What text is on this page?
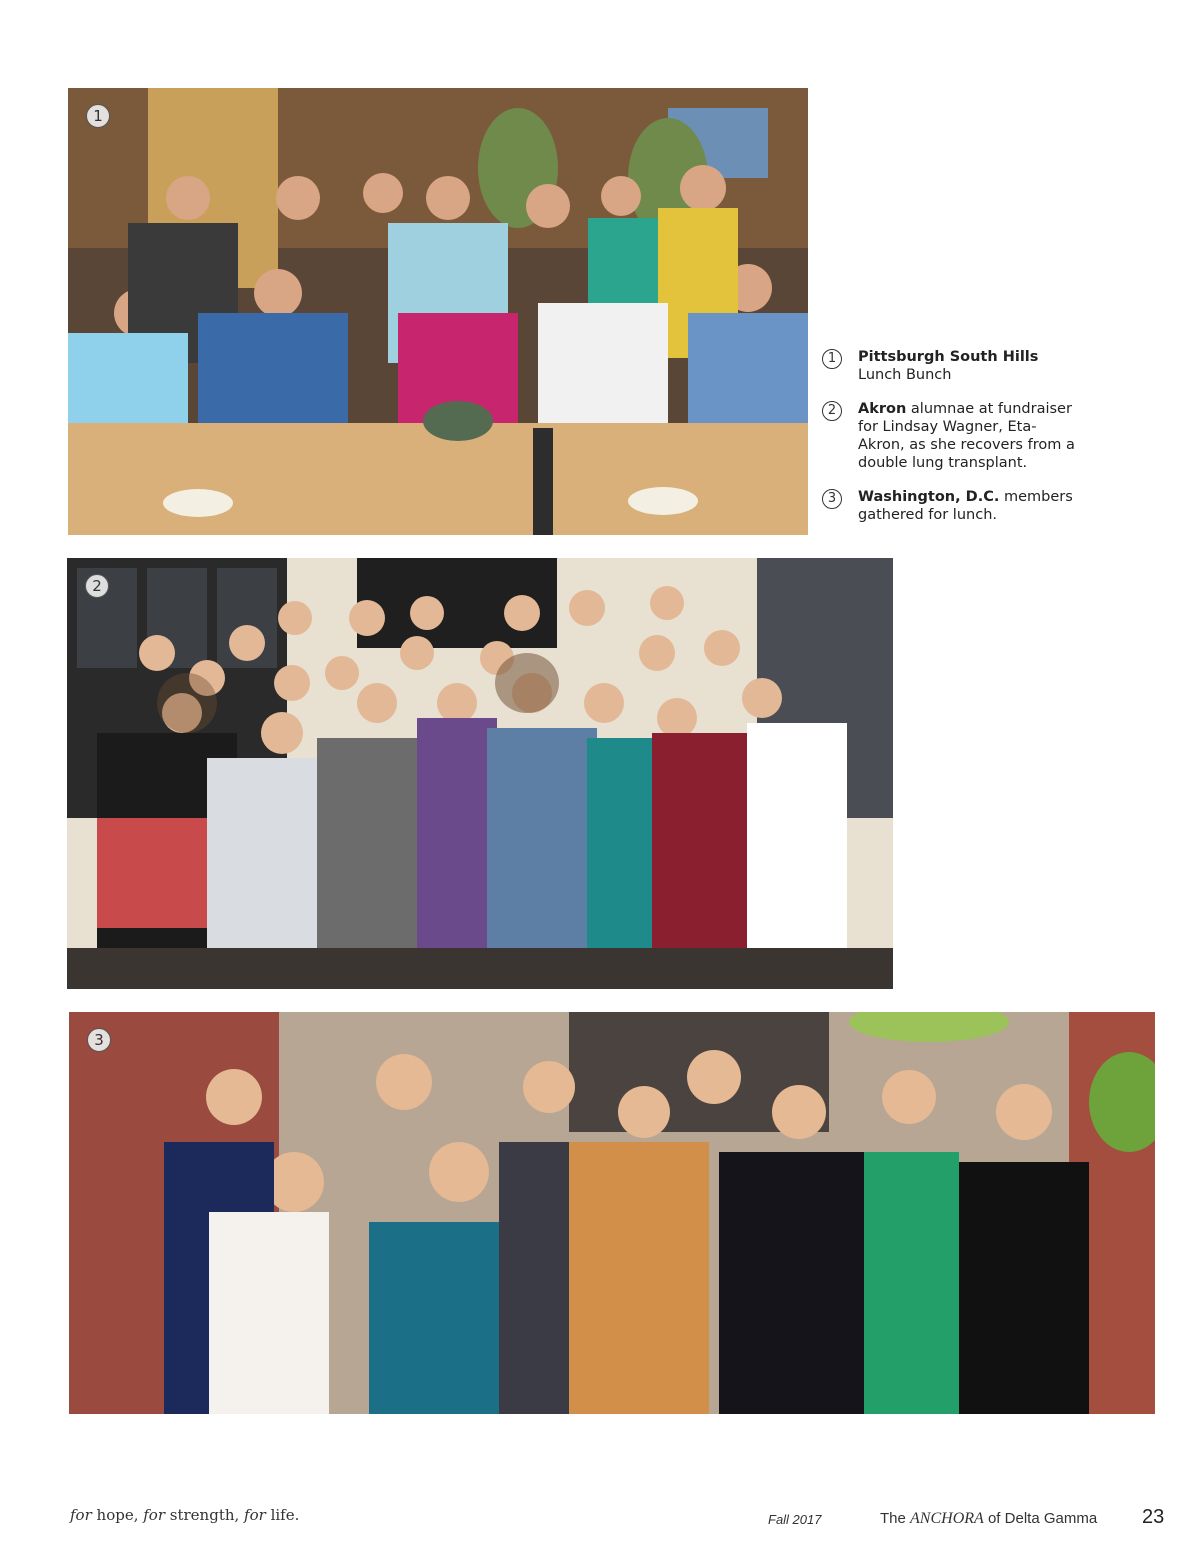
1
1	Pittsburgh South Hills Lunch Bunch
2	Akron alumnae at fundraiser for Lindsay Wagner, Eta-Akron, as she recovers from a double lung transplant.
3	Washington, D.C. members gathered for lunch.
2
3
for hope, for strength, for life.	Fall 2017	The ANCHORA of Delta Gamma 23
